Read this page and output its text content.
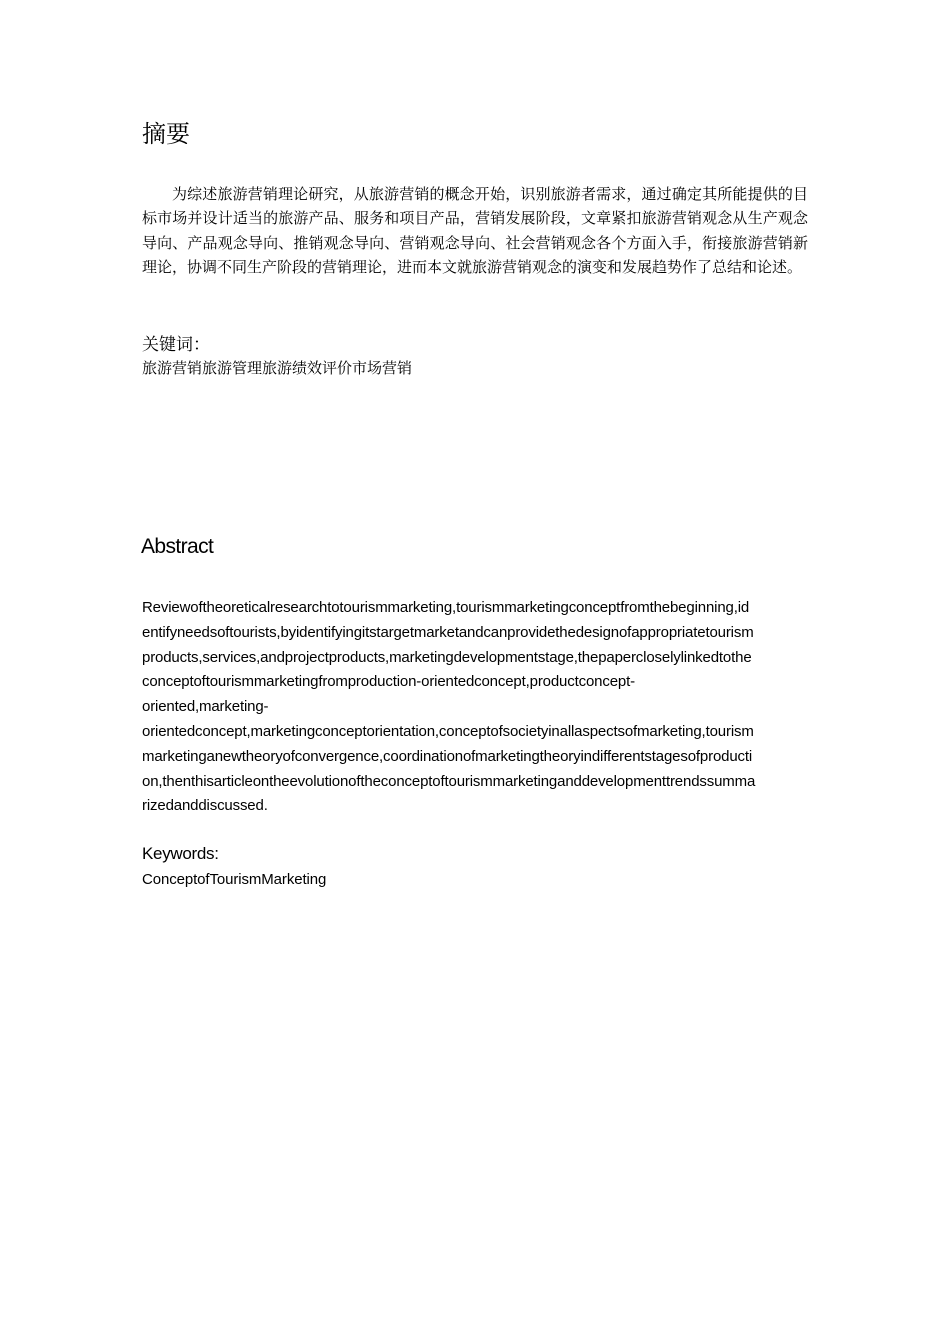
摘要

为综述旅游营销理论研究，从旅游营销的概念开始，识别旅游者需求，通过确定其所能提供的目标市场并设计适当的旅游产品、服务和项目产品，营销发展阶段，文章紧扣旅游营销观念从生产观念导向、产品观念导向、推销观念导向、营销观念导向、社会营销观念各个方面入手，衔接旅游营销新理论，协调不同生产阶段的营销理论，进而本文就旅游营销观念的演变和发展趋势作了总结和论述。

关键词：
旅游营销旅游管理旅游绩效评价市场营销
Abstract
Reviewoftheoreticalresearchtotourismmarketing,tourismmarketingconceptfromthebeginning,id
entifyneedsoftourists,byidentifyingitstargetmarketandcanprovidethedesignofappropriatetourism
products,services,andprojectproducts,marketingdevelopmentstage,thepapercloselylinkedtothe
conceptoftourismmarketingfromproduction-orientedconcept,productconcept-
oriented,marketing-
orientedconcept,marketingconceptorientation,conceptofsocietyinallaspectsofmarketing,tourism
marketinganewtheoryofconvergence,coordinationofmarketingtheoryindifferentstagesofproducti
on,thenthisarticleontheevolutionoftheconceptoftourismmarketinganddevelopmenttrendssumma
rizedanddiscussed.
Keywords:
ConceptofTourismMarketing
